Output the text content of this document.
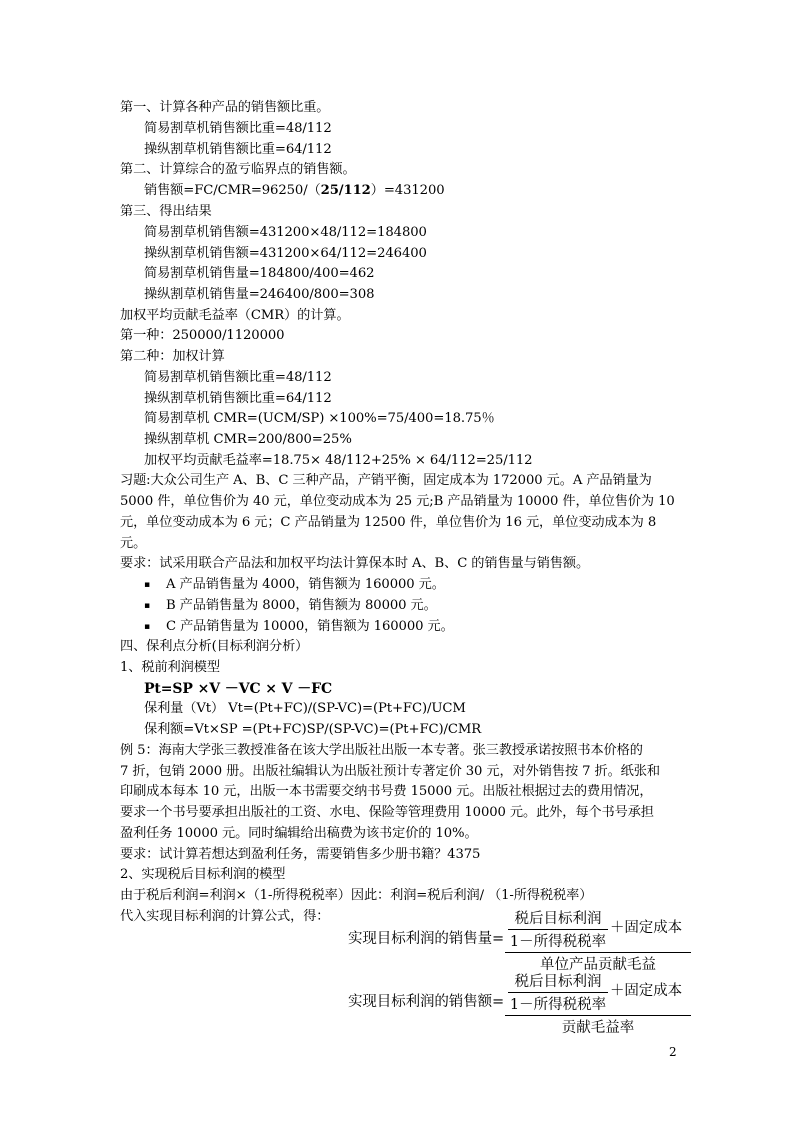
第一、计算各种产品的销售额比重。
简易割草机销售额比重=48/112
操纵割草机销售额比重=64/112
第二、计算综合的盈亏临界点的销售额。
销售额=FC/CMR=96250/（25/112）=431200
第三、得出结果
简易割草机销售额=431200×48/112=184800
操纵割草机销售额=431200×64/112=246400
简易割草机销售量=184800/400=462
操纵割草机销售量=246400/800=308
加权平均贡献毛益率（CMR）的计算。
第一种：250000/1120000
第二种：加权计算
简易割草机销售额比重=48/112
操纵割草机销售额比重=64/112
简易割草机 CMR=(UCM/SP) ×100%=75/400=18.75％
操纵割草机 CMR=200/800=25%
加权平均贡献毛益率=18.75× 48/112+25% × 64/112=25/112
习题:大众公司生产 A、B、C 三种产品，产销平衡，固定成本为 172000 元。A 产品销量为
5000 件，单位售价为 40 元，单位变动成本为 25 元;B 产品销量为 10000 件，单位售价为 10
元，单位变动成本为 6 元；C 产品销量为 12500 件，单位售价为 16 元，单位变动成本为 8
元。
要求：试采用联合产品法和加权平均法计算保本时 A、B、C 的销售量与销售额。
▪ A 产品销售量为 4000，销售额为 160000 元。
▪ B 产品销售量为 8000，销售额为 80000 元。
▪ C 产品销售量为 10000，销售额为 160000 元。
四、保利点分析(目标利润分析）
1、税前利润模型
Pt=SP ×V －VC × V －FC
保利量（Vt） Vt=(Pt+FC)/(SP-VC)=(Pt+FC)/UCM
保利额=Vt×SP =(Pt+FC)SP/(SP-VC)=(Pt+FC)/CMR
例 5：海南大学张三教授准备在该大学出版社出版一本专著。张三教授承诺按照书本价格的
7 折，包销 2000 册。出版社编辑认为出版社预计专著定价 30 元，对外销售按 7 折。纸张和
印刷成本每本 10 元，出版一本书需要交纳书号费 15000 元。出版社根据过去的费用情况，
要求一个书号要承担出版社的工资、水电、保险等管理费用 10000 元。此外，每个书号承担
盈利任务 10000 元。同时编辑给出稿费为该书定价的 10%。
要求：试计算若想达到盈利任务，需要销售多少册书籍？4375
2、实现税后目标利润的模型
由于税后利润=利润×（1-所得税税率）因此：利润=税后利润/ （1-所得税税率）
代入实现目标利润的计算公式，得：
实现目标利润的销售量=
税后目标利润
1－所得税税率
＋固定成本
单位产品贡献毛益
实现目标利润的销售额=
税后目标利润
1－所得税税率
＋固定成本
贡献毛益率
2
